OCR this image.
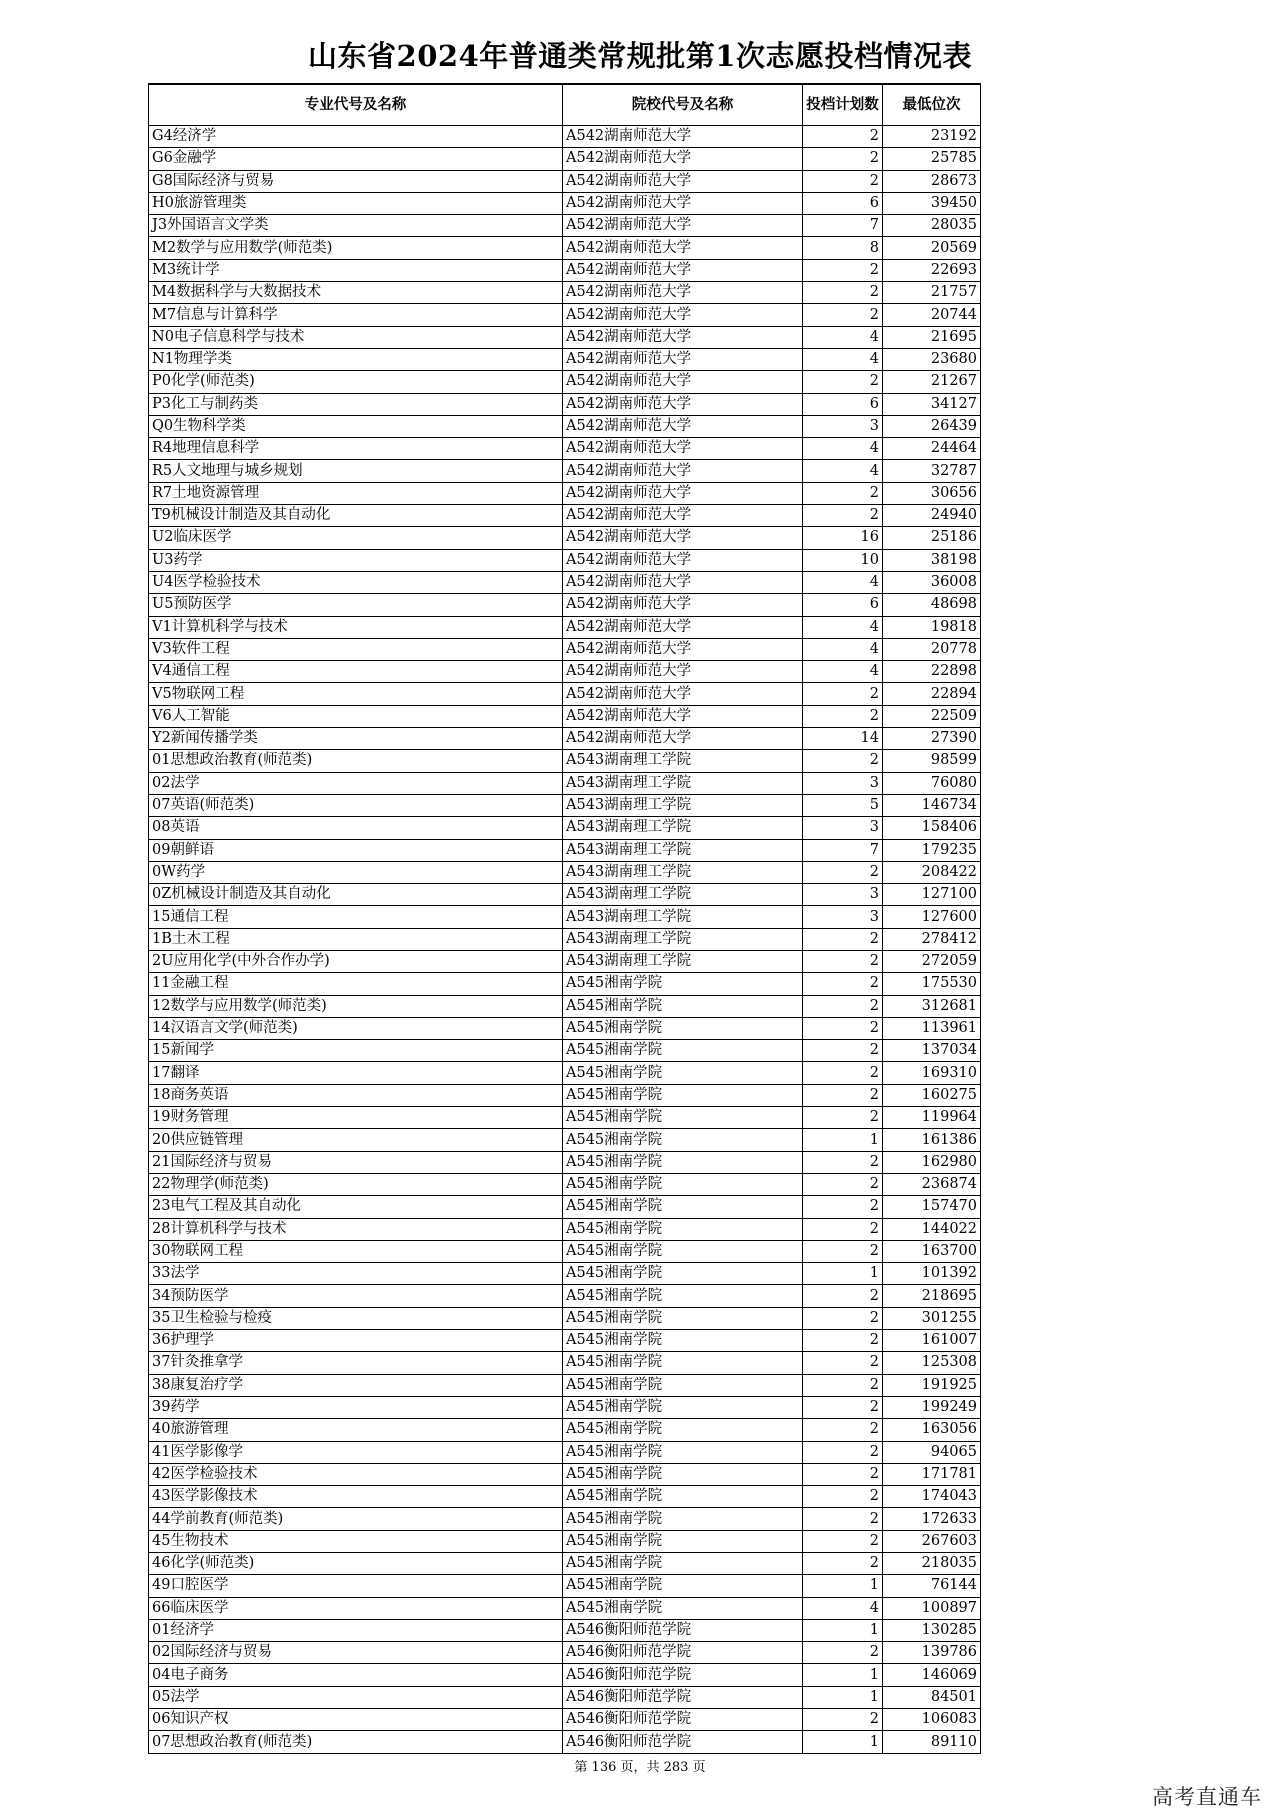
山东省2024年普通类常规批第1次志愿投档情况表
专业代号及名称	院校代号及名称	投档计划数	最低位次
G4经济学	A542湖南师范大学	2	23192
G6金融学	A542湖南师范大学	2	25785
G8国际经济与贸易	A542湖南师范大学	2	28673
H0旅游管理类	A542湖南师范大学	6	39450
J3外国语言文学类	A542湖南师范大学	7	28035
M2数学与应用数学(师范类)	A542湖南师范大学	8	20569
M3统计学	A542湖南师范大学	2	22693
M4数据科学与大数据技术	A542湖南师范大学	2	21757
M7信息与计算科学	A542湖南师范大学	2	20744
N0电子信息科学与技术	A542湖南师范大学	4	21695
N1物理学类	A542湖南师范大学	4	23680
P0化学(师范类)	A542湖南师范大学	2	21267
P3化工与制药类	A542湖南师范大学	6	34127
Q0生物科学类	A542湖南师范大学	3	26439
R4地理信息科学	A542湖南师范大学	4	24464
R5人文地理与城乡规划	A542湖南师范大学	4	32787
R7土地资源管理	A542湖南师范大学	2	30656
T9机械设计制造及其自动化	A542湖南师范大学	2	24940
U2临床医学	A542湖南师范大学	16	25186
U3药学	A542湖南师范大学	10	38198
U4医学检验技术	A542湖南师范大学	4	36008
U5预防医学	A542湖南师范大学	6	48698
V1计算机科学与技术	A542湖南师范大学	4	19818
V3软件工程	A542湖南师范大学	4	20778
V4通信工程	A542湖南师范大学	4	22898
V5物联网工程	A542湖南师范大学	2	22894
V6人工智能	A542湖南师范大学	2	22509
Y2新闻传播学类	A542湖南师范大学	14	27390
01思想政治教育(师范类)	A543湖南理工学院	2	98599
02法学	A543湖南理工学院	3	76080
07英语(师范类)	A543湖南理工学院	5	146734
08英语	A543湖南理工学院	3	158406
09朝鲜语	A543湖南理工学院	7	179235
0W药学	A543湖南理工学院	2	208422
0Z机械设计制造及其自动化	A543湖南理工学院	3	127100
15通信工程	A543湖南理工学院	3	127600
1B土木工程	A543湖南理工学院	2	278412
2U应用化学(中外合作办学)	A543湖南理工学院	2	272059
11金融工程	A545湘南学院	2	175530
12数学与应用数学(师范类)	A545湘南学院	2	312681
14汉语言文学(师范类)	A545湘南学院	2	113961
15新闻学	A545湘南学院	2	137034
17翻译	A545湘南学院	2	169310
18商务英语	A545湘南学院	2	160275
19财务管理	A545湘南学院	2	119964
20供应链管理	A545湘南学院	1	161386
21国际经济与贸易	A545湘南学院	2	162980
22物理学(师范类)	A545湘南学院	2	236874
23电气工程及其自动化	A545湘南学院	2	157470
28计算机科学与技术	A545湘南学院	2	144022
30物联网工程	A545湘南学院	2	163700
33法学	A545湘南学院	1	101392
34预防医学	A545湘南学院	2	218695
35卫生检验与检疫	A545湘南学院	2	301255
36护理学	A545湘南学院	2	161007
37针灸推拿学	A545湘南学院	2	125308
38康复治疗学	A545湘南学院	2	191925
39药学	A545湘南学院	2	199249
40旅游管理	A545湘南学院	2	163056
41医学影像学	A545湘南学院	2	94065
42医学检验技术	A545湘南学院	2	171781
43医学影像技术	A545湘南学院	2	174043
44学前教育(师范类)	A545湘南学院	2	172633
45生物技术	A545湘南学院	2	267603
46化学(师范类)	A545湘南学院	2	218035
49口腔医学	A545湘南学院	1	76144
66临床医学	A545湘南学院	4	100897
01经济学	A546衡阳师范学院	1	130285
02国际经济与贸易	A546衡阳师范学院	2	139786
04电子商务	A546衡阳师范学院	1	146069
05法学	A546衡阳师范学院	1	84501
06知识产权	A546衡阳师范学院	2	106083
07思想政治教育(师范类)	A546衡阳师范学院	1	89110
第 136 页，共 283 页
高考直通车
